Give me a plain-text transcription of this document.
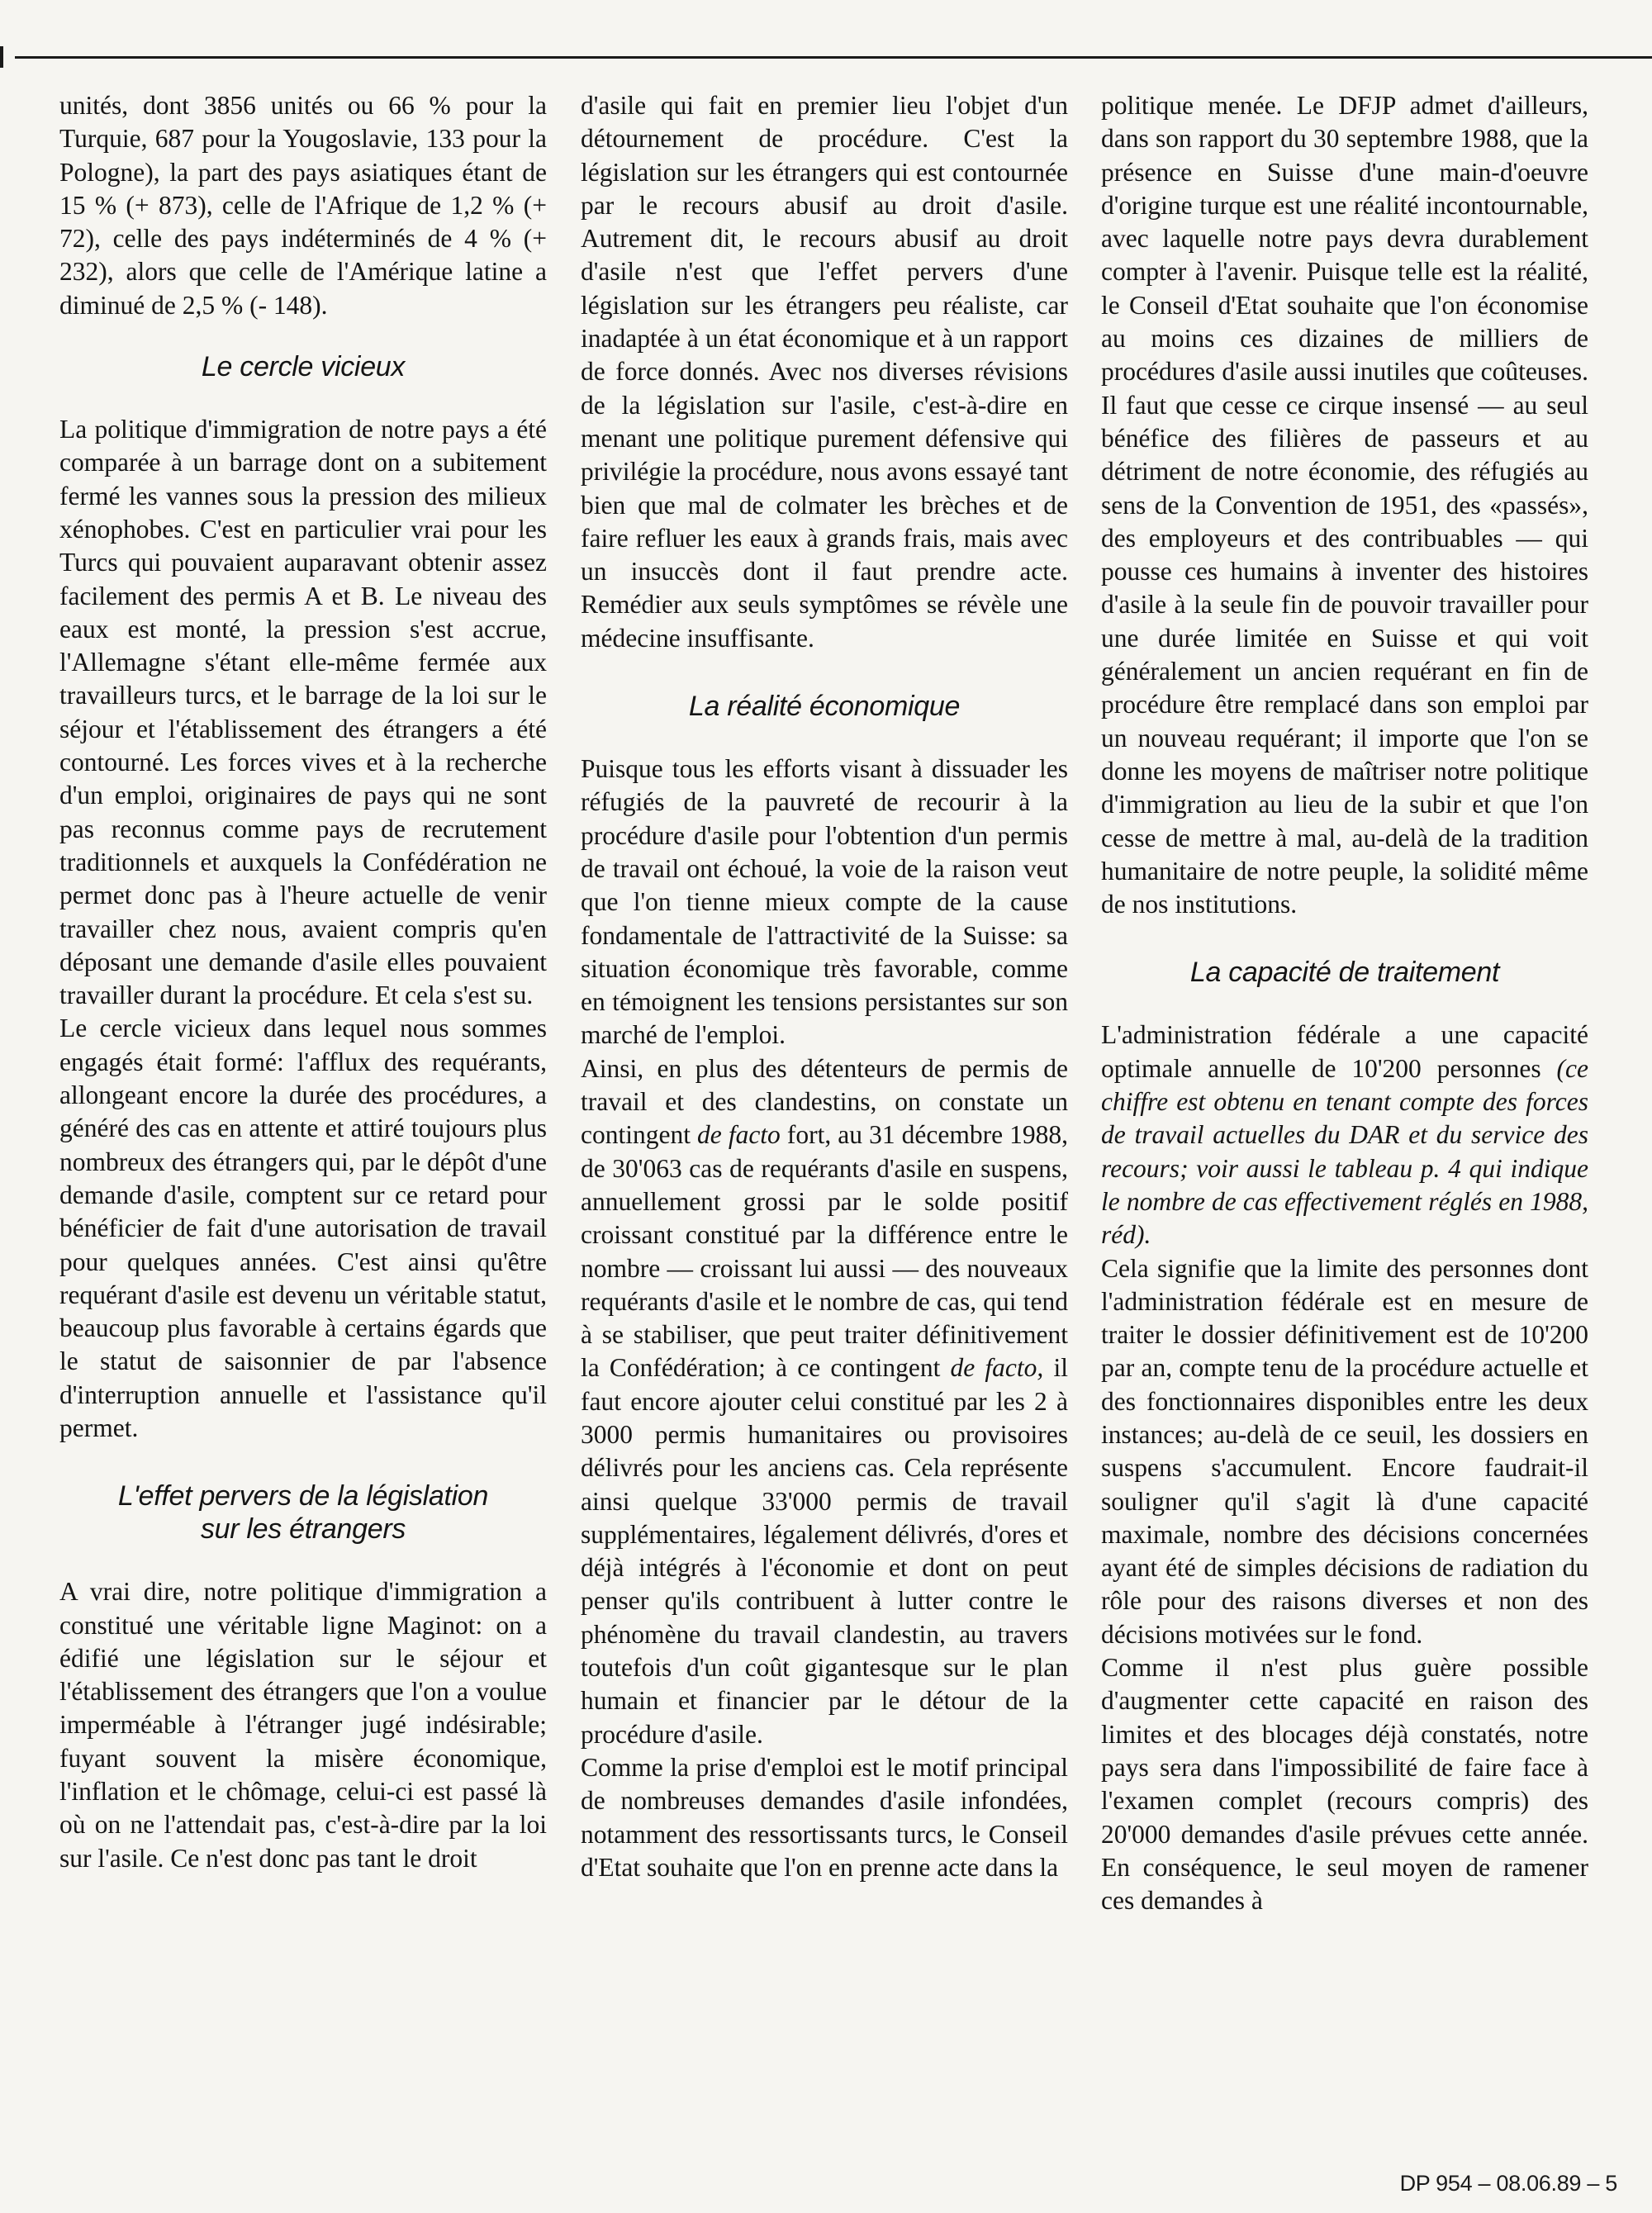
unités, dont 3856 unités ou 66 % pour la Turquie, 687 pour la Yougoslavie, 133 pour la Pologne), la part des pays asiatiques étant de 15 % (+ 873), celle de l'Afrique de 1,2 % (+ 72), celle des pays indéterminés de 4 % (+ 232), alors que celle de l'Amérique latine a diminué de 2,5 % (- 148).

Le cercle vicieux

La politique d'immigration de notre pays a été comparée à un barrage dont on a subitement fermé les vannes sous la pression des milieux xénophobes. C'est en particulier vrai pour les Turcs qui pouvaient auparavant obtenir assez facilement des permis A et B. Le niveau des eaux est monté, la pression s'est accrue, l'Allemagne s'étant elle-même fermée aux travailleurs turcs, et le barrage de la loi sur le séjour et l'établissement des étrangers a été contourné. Les forces vives et à la recherche d'un emploi, originaires de pays qui ne sont pas reconnus comme pays de recrutement traditionnels et auxquels la Confédération ne permet donc pas à l'heure actuelle de venir travailler chez nous, avaient compris qu'en déposant une demande d'asile elles pouvaient travailler durant la procédure. Et cela s'est su.

Le cercle vicieux dans lequel nous sommes engagés était formé: l'afflux des requérants, allongeant encore la durée des procédures, a généré des cas en attente et attiré toujours plus nombreux des étrangers qui, par le dépôt d'une demande d'asile, comptent sur ce retard pour bénéficier de fait d'une autorisation de travail pour quelques années. C'est ainsi qu'être requérant d'asile est devenu un véritable statut, beaucoup plus favorable à certains égards que le statut de saisonnier de par l'absence d'interruption annuelle et l'assistance qu'il permet.

L'effet pervers de la législation
sur les étrangers

A vrai dire, notre politique d'immigration a constitué une véritable ligne Maginot: on a édifié une législation sur le séjour et l'établissement des étrangers que l'on a voulue imperméable à l'étranger jugé indésirable; fuyant souvent la misère économique, l'inflation et le chômage, celui-ci est passé là où on ne l'attendait pas, c'est-à-dire par la loi sur l'asile. Ce n'est donc pas tant le droit

d'asile qui fait en premier lieu l'objet d'un détournement de procédure. C'est la législation sur les étrangers qui est contournée par le recours abusif au droit d'asile. Autrement dit, le recours abusif au droit d'asile n'est que l'effet pervers d'une législation sur les étrangers peu réaliste, car inadaptée à un état économique et à un rapport de force donnés. Avec nos diverses révisions de la législation sur l'asile, c'est-à-dire en menant une politique purement défensive qui privilégie la procédure, nous avons essayé tant bien que mal de colmater les brèches et de faire refluer les eaux à grands frais, mais avec un insuccès dont il faut prendre acte. Remédier aux seuls symptômes se révèle une médecine insuffisante.

La réalité économique

Puisque tous les efforts visant à dissuader les réfugiés de la pauvreté de recourir à la procédure d'asile pour l'obtention d'un permis de travail ont échoué, la voie de la raison veut que l'on tienne mieux compte de la cause fondamentale de l'attractivité de la Suisse: sa situation économique très favorable, comme en témoignent les tensions persistantes sur son marché de l'emploi.

Ainsi, en plus des détenteurs de permis de travail et des clandestins, on constate un contingent de facto fort, au 31 décembre 1988, de 30'063 cas de requérants d'asile en suspens, annuellement grossi par le solde positif croissant constitué par la différence entre le nombre — croissant lui aussi — des nouveaux requérants d'asile et le nombre de cas, qui tend à se stabiliser, que peut traiter définitivement la Confédération; à ce contingent de facto, il faut encore ajouter celui constitué par les 2 à 3000 permis humanitaires ou provisoires délivrés pour les anciens cas. Cela représente ainsi quelque 33'000 permis de travail supplémentaires, légalement délivrés, d'ores et déjà intégrés à l'économie et dont on peut penser qu'ils contribuent à lutter contre le phénomène du travail clandestin, au travers toutefois d'un coût gigantesque sur le plan humain et financier par le détour de la procédure d'asile.

Comme la prise d'emploi est le motif principal de nombreuses demandes d'asile infondées, notamment des ressortissants turcs, le Conseil d'Etat souhaite que l'on en prenne acte dans la

politique menée. Le DFJP admet d'ailleurs, dans son rapport du 30 septembre 1988, que la présence en Suisse d'une main-d'oeuvre d'origine turque est une réalité incontournable, avec laquelle notre pays devra durablement compter à l'avenir. Puisque telle est la réalité, le Conseil d'Etat souhaite que l'on économise au moins ces dizaines de milliers de procédures d'asile aussi inutiles que coûteuses. Il faut que cesse ce cirque insensé — au seul bénéfice des filières de passeurs et au détriment de notre économie, des réfugiés au sens de la Convention de 1951, des «passés», des employeurs et des contribuables — qui pousse ces humains à inventer des histoires d'asile à la seule fin de pouvoir travailler pour une durée limitée en Suisse et qui voit généralement un ancien requérant en fin de procédure être remplacé dans son emploi par un nouveau requérant; il importe que l'on se donne les moyens de maîtriser notre politique d'immigration au lieu de la subir et que l'on cesse de mettre à mal, au-delà de la tradition humanitaire de notre peuple, la solidité même de nos institutions.

La capacité de traitement

L'administration fédérale a une capacité optimale annuelle de 10'200 personnes (ce chiffre est obtenu en tenant compte des forces de travail actuelles du DAR et du service des recours; voir aussi le tableau p. 4 qui indique le nombre de cas effectivement réglés en 1988, réd).

Cela signifie que la limite des personnes dont l'administration fédérale est en mesure de traiter le dossier définitivement est de 10'200 par an, compte tenu de la procédure actuelle et des fonctionnaires disponibles entre les deux instances; au-delà de ce seuil, les dossiers en suspens s'accumulent. Encore faudrait-il souligner qu'il s'agit là d'une capacité maximale, nombre des décisions concernées ayant été de simples décisions de radiation du rôle pour des raisons diverses et non des décisions motivées sur le fond.

Comme il n'est plus guère possible d'augmenter cette capacité en raison des limites et des blocages déjà constatés, notre pays sera dans l'impossibilité de faire face à l'examen complet (recours compris) des 20'000 demandes d'asile prévues cette année. En conséquence, le seul moyen de ramener ces demandes à

DP 954 – 08.06.89 – 5
